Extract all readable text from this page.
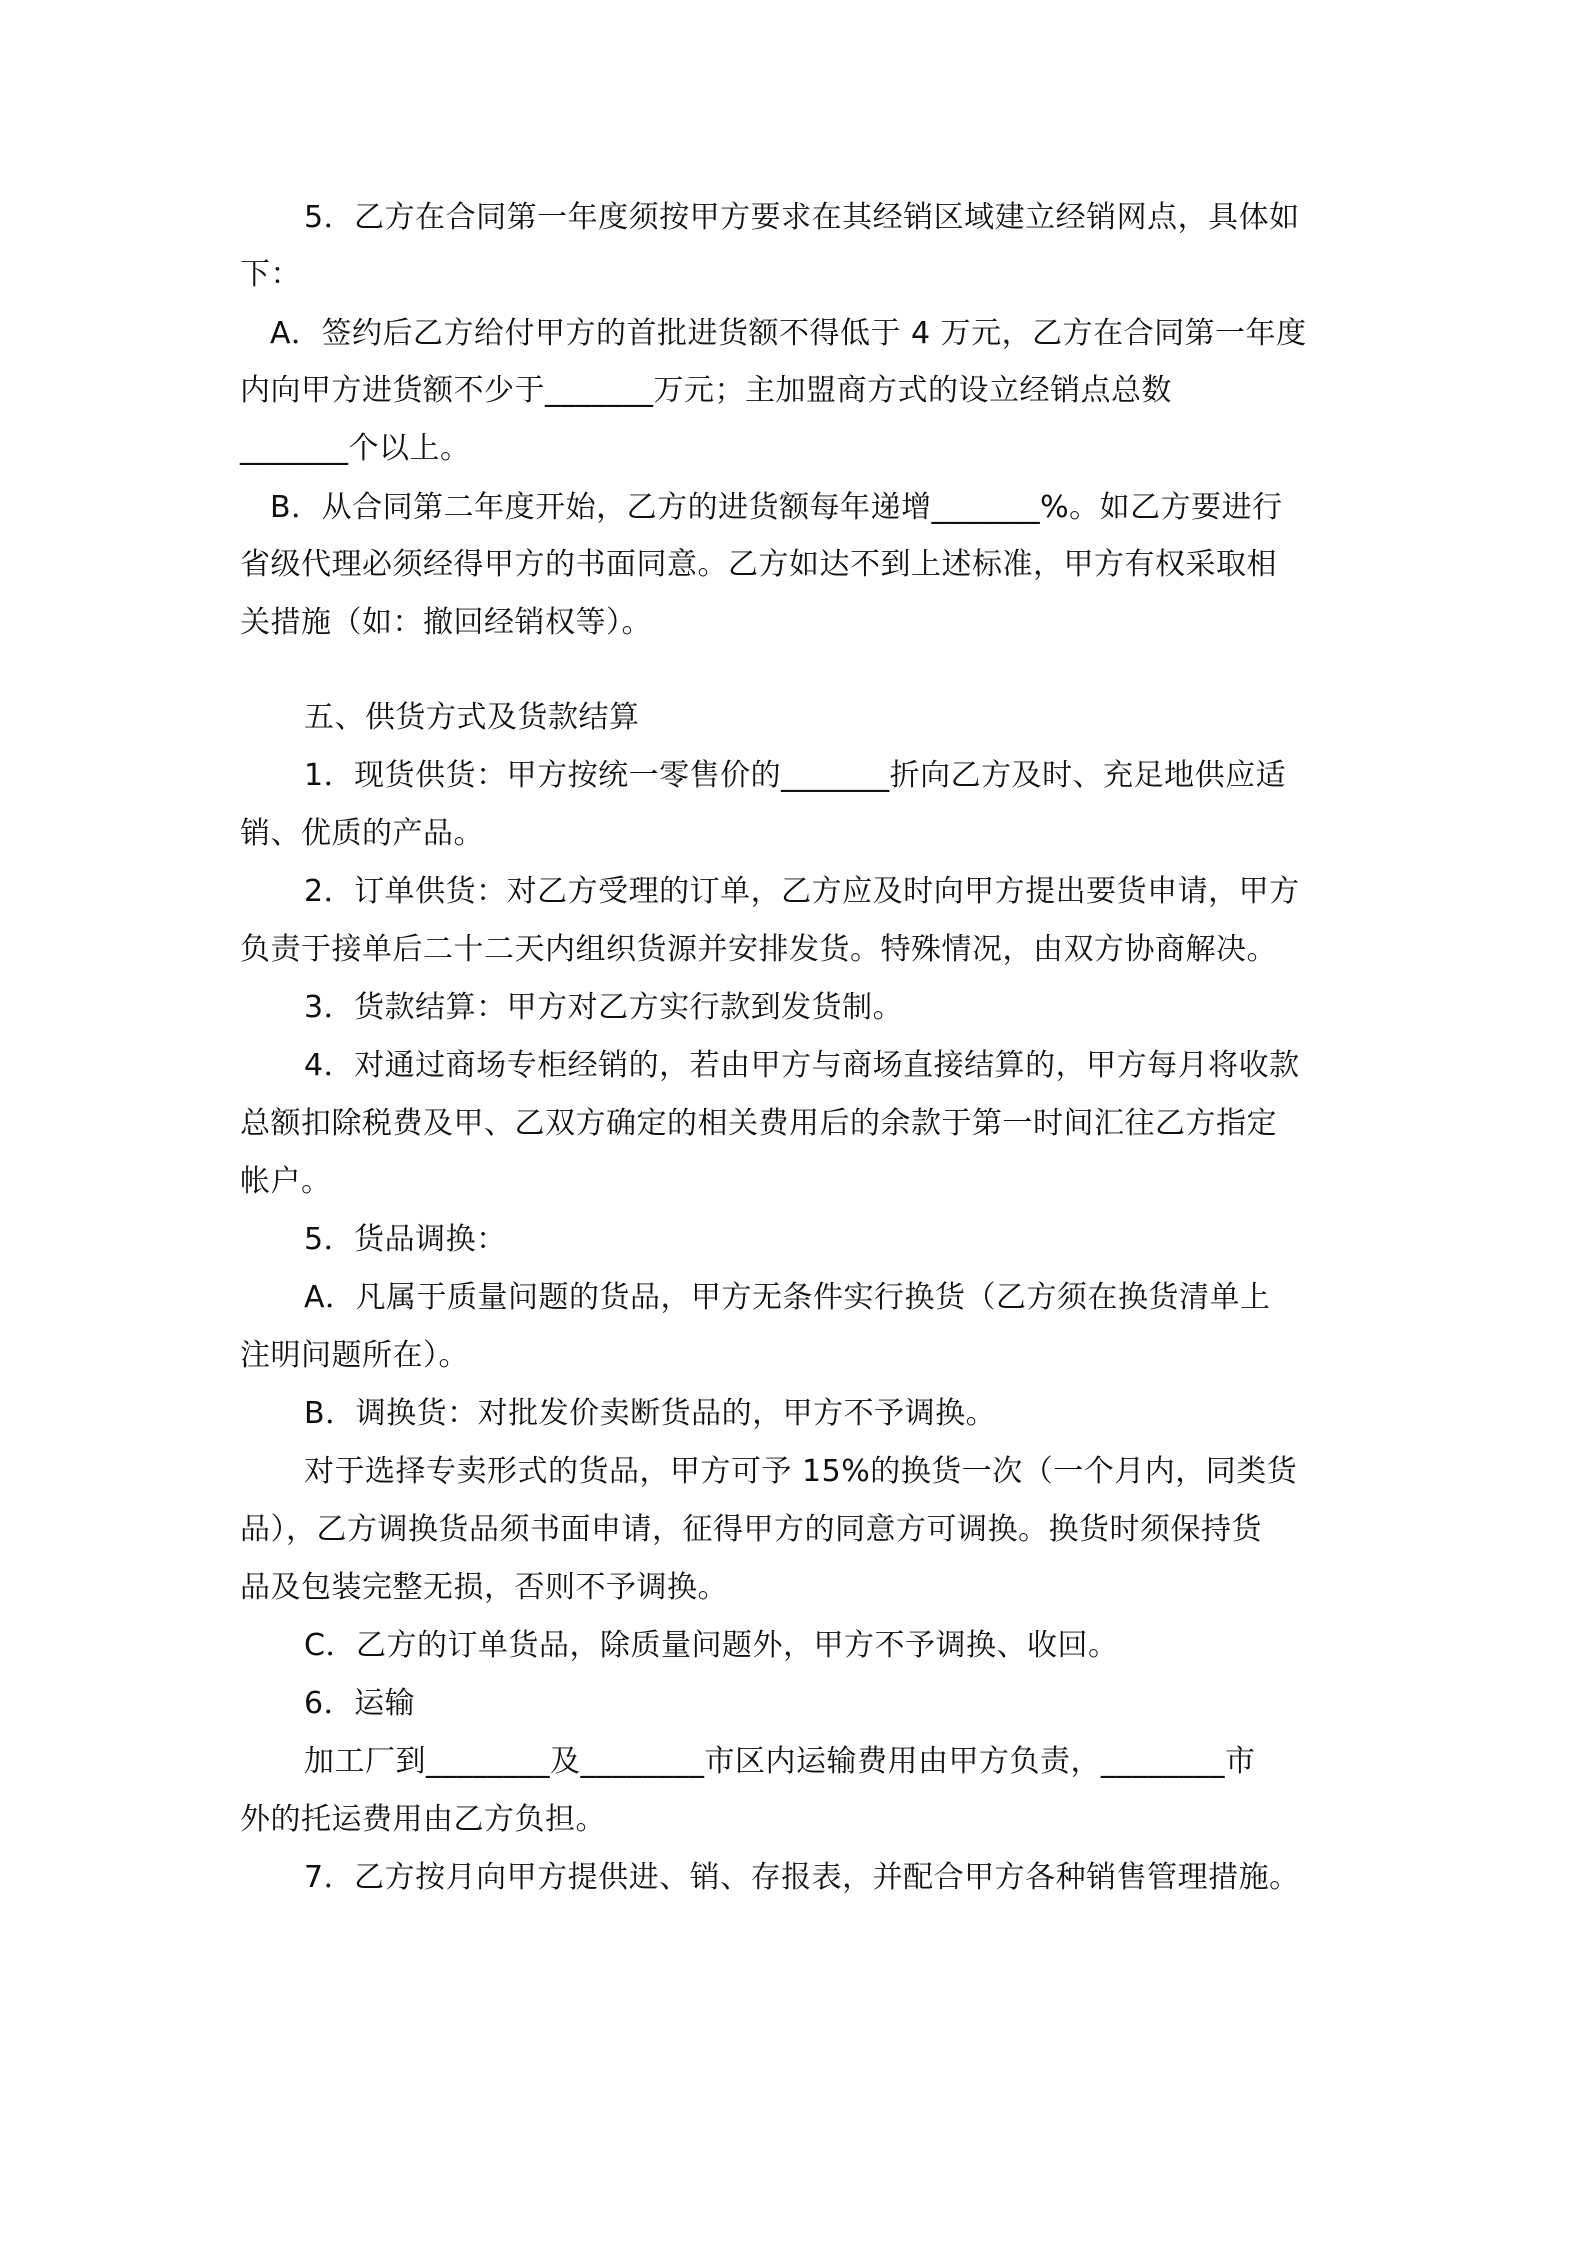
5．乙方在合同第一年度须按甲方要求在其经销区域建立经销网点，具体如
下：
A．签约后乙方给付甲方的首批进货额不得低于 4 万元，乙方在合同第一年度
内向甲方进货额不少于_______万元；主加盟商方式的设立经销点总数
_______个以上。
B．从合同第二年度开始，乙方的进货额每年递增_______%。如乙方要进行
省级代理必须经得甲方的书面同意。乙方如达不到上述标准，甲方有权采取相
关措施（如：撤回经销权等）。
五、供货方式及货款结算
1．现货供货：甲方按统一零售价的_______折向乙方及时、充足地供应适
销、优质的产品。
2．订单供货：对乙方受理的订单，乙方应及时向甲方提出要货申请，甲方
负责于接单后二十二天内组织货源并安排发货。特殊情况，由双方协商解决。
3．货款结算：甲方对乙方实行款到发货制。
4．对通过商场专柜经销的，若由甲方与商场直接结算的，甲方每月将收款
总额扣除税费及甲、乙双方确定的相关费用后的余款于第一时间汇往乙方指定
帐户。
5．货品调换：
A．凡属于质量问题的货品，甲方无条件实行换货（乙方须在换货清单上
注明问题所在）。
B．调换货：对批发价卖断货品的，甲方不予调换。
对于选择专卖形式的货品，甲方可予 15%的换货一次（一个月内，同类货
品），乙方调换货品须书面申请，征得甲方的同意方可调换。换货时须保持货
品及包装完整无损，否则不予调换。
C．乙方的订单货品，除质量问题外，甲方不予调换、收回。
6．运输
加工厂到________及________市区内运输费用由甲方负责，________市
外的托运费用由乙方负担。
7．乙方按月向甲方提供进、销、存报表，并配合甲方各种销售管理措施。
